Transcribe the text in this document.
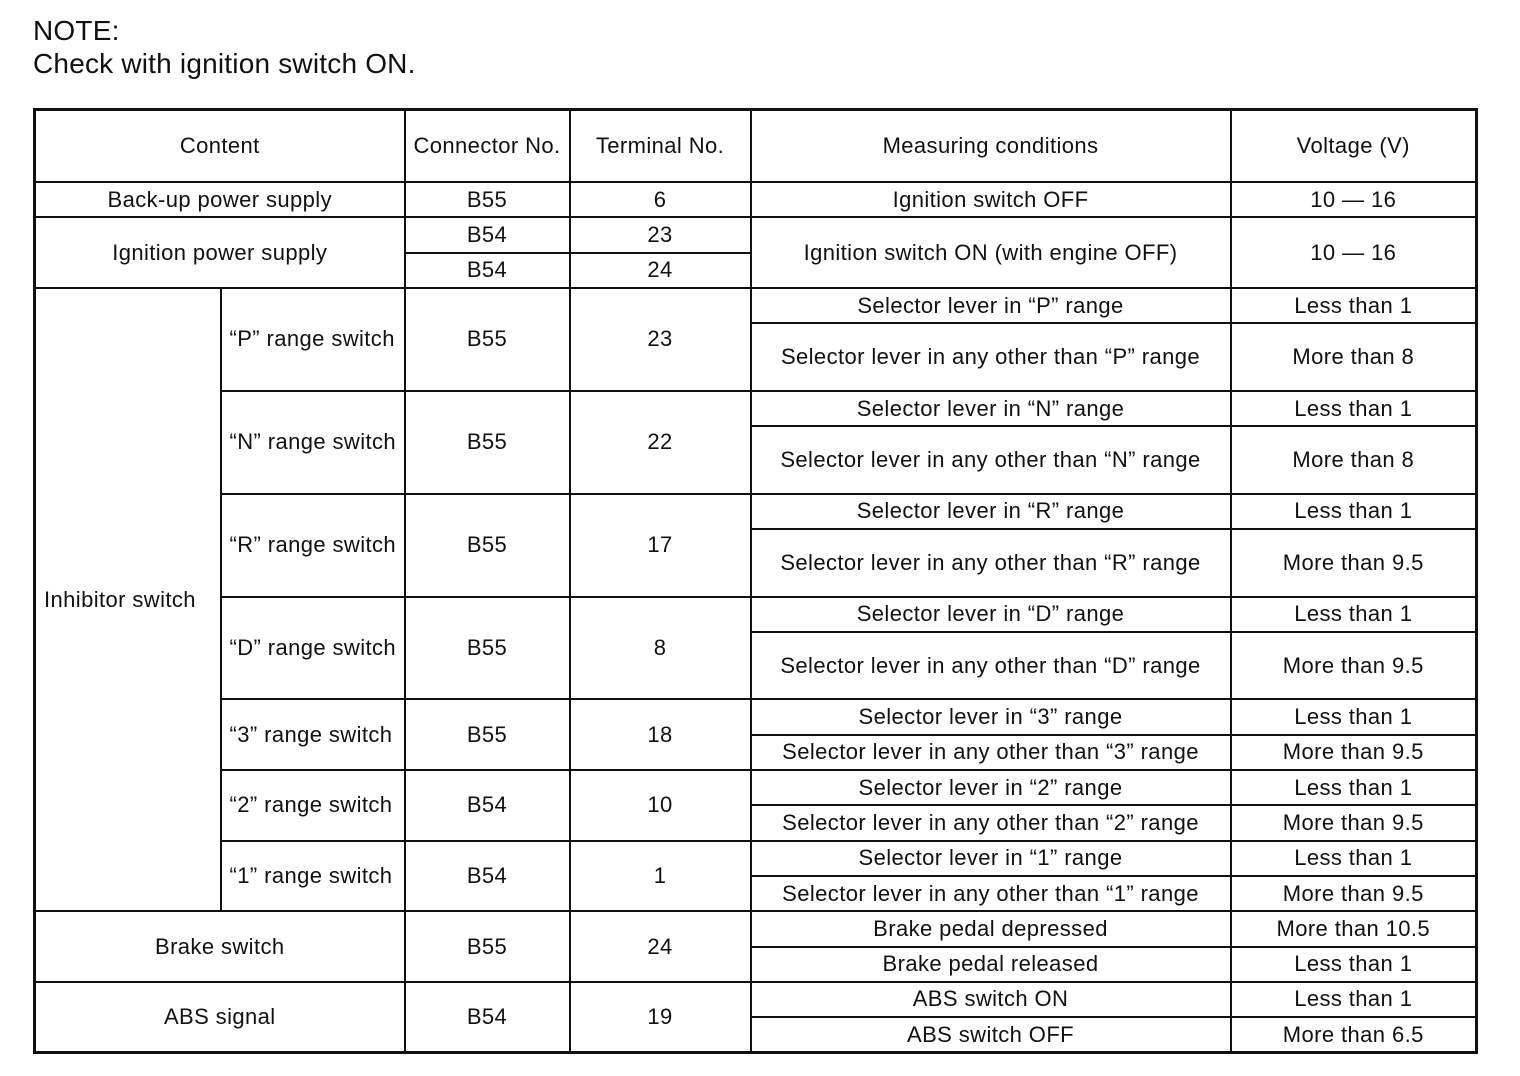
NOTE:
Check with ignition switch ON.
Content		Connector No.	Terminal No.	Measuring conditions	Voltage (V)
Back-up power supply		B55	6	Ignition switch OFF	10 — 16
Ignition power supply		B54	23	Ignition switch ON (with engine OFF)	10 — 16
		B54	24		
Inhibitor switch	“P” range switch	B55	23	Selector lever in “P” range	Less than 1
				Selector lever in any other than “P” range	More than 8
	“N” range switch	B55	22	Selector lever in “N” range	Less than 1
				Selector lever in any other than “N” range	More than 8
	“R” range switch	B55	17	Selector lever in “R” range	Less than 1
				Selector lever in any other than “R” range	More than 9.5
	“D” range switch	B55	8	Selector lever in “D” range	Less than 1
				Selector lever in any other than “D” range	More than 9.5
	“3” range switch	B55	18	Selector lever in “3” range	Less than 1
				Selector lever in any other than “3” range	More than 9.5
	“2” range switch	B54	10	Selector lever in “2” range	Less than 1
				Selector lever in any other than “2” range	More than 9.5
	“1” range switch	B54	1	Selector lever in “1” range	Less than 1
				Selector lever in any other than “1” range	More than 9.5
Brake switch		B55	24	Brake pedal depressed	More than 10.5
				Brake pedal released	Less than 1
ABS signal		B54	19	ABS switch ON	Less than 1
				ABS switch OFF	More than 6.5
